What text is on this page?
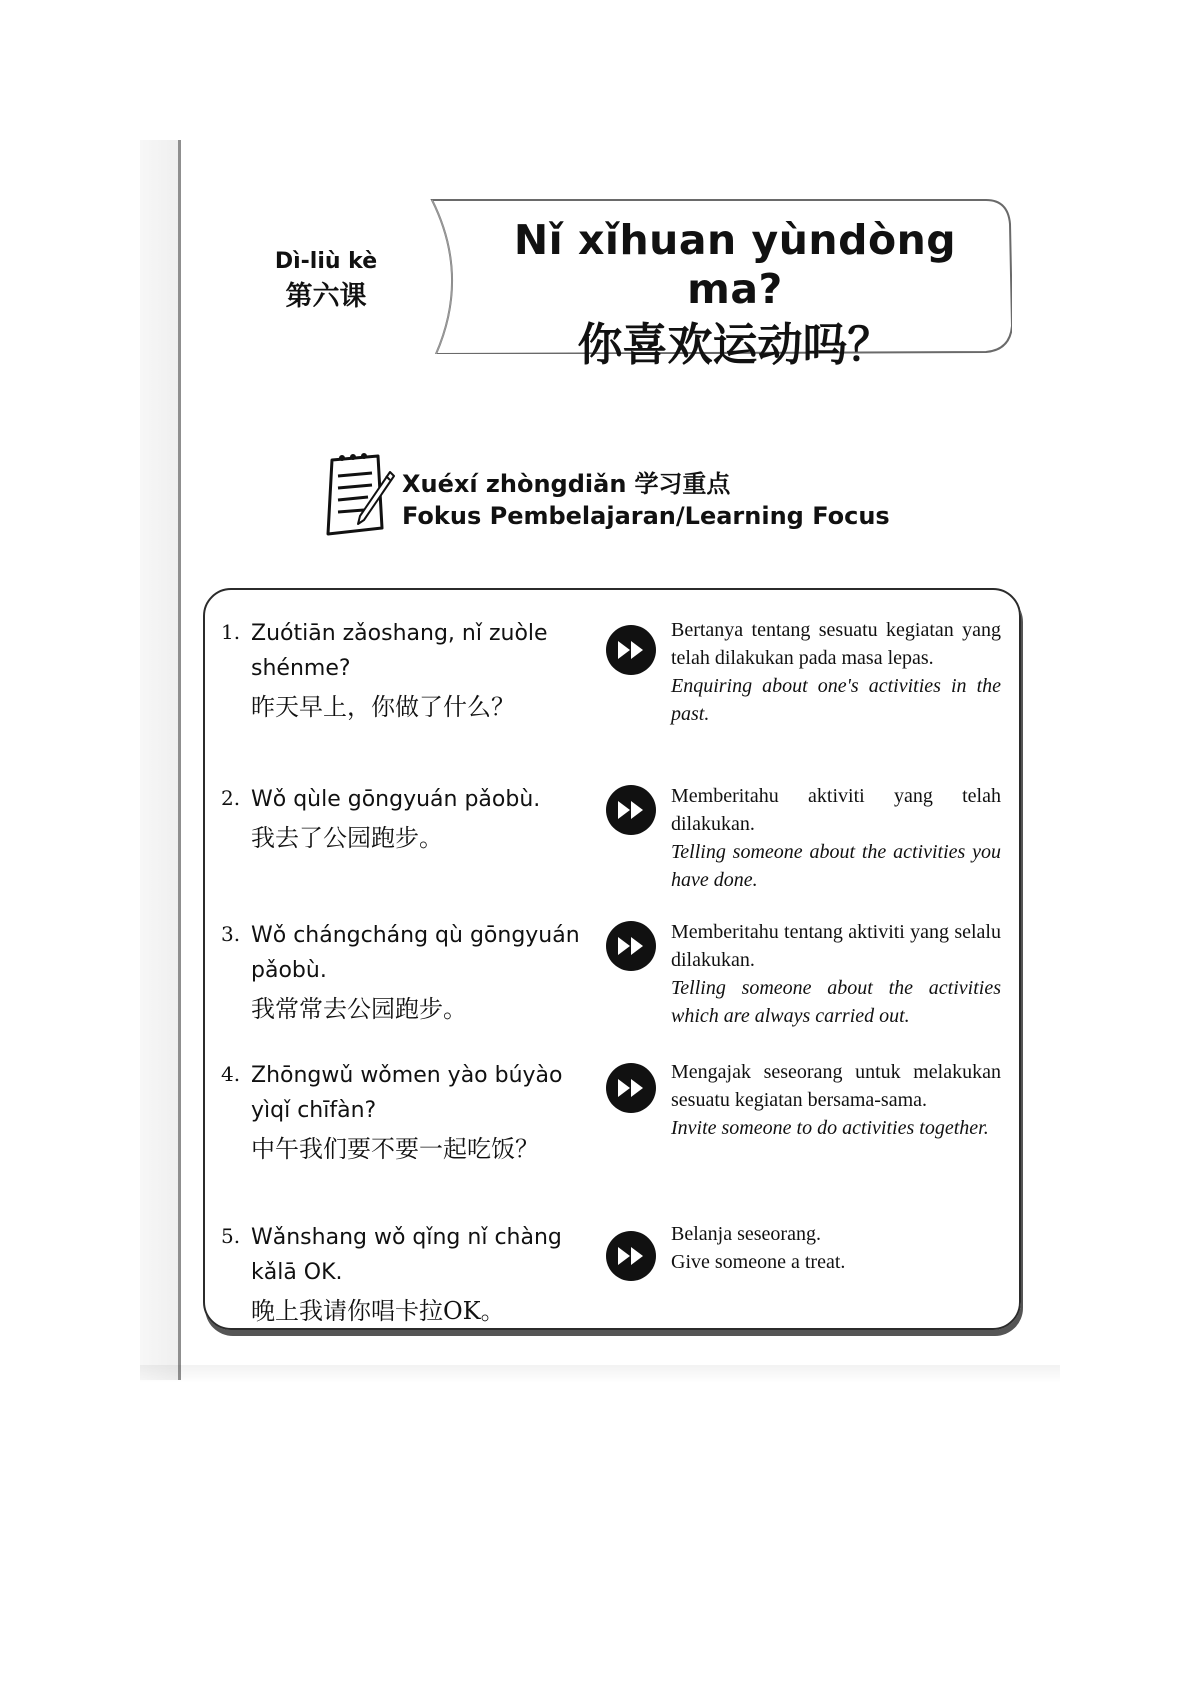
Dì-liù kè
第六课
Nǐ xǐhuan yùndòng ma?
你喜欢运动吗？
Xuéxí zhòngdiǎn 学习重点
Fokus Pembelajaran/Learning Focus
1. Zuótiān zǎoshang, nǐ zuòle shénme?
昨天早上，你做了什么？
Bertanya tentang sesuatu kegiatan yang telah dilakukan pada masa lepas.
Enquiring about one's activities in the past.
2. Wǒ qùle gōngyuán pǎobù.
我去了公园跑步。
Memberitahu aktiviti yang telah dilakukan.
Telling someone about the activities you have done.
3. Wǒ chángcháng qù gōngyuán pǎobù.
我常常去公园跑步。
Memberitahu tentang aktiviti yang selalu dilakukan.
Telling someone about the activities which are always carried out.
4. Zhōngwǔ wǒmen yào búyào yìqǐ chīfàn?
中午我们要不要一起吃饭？
Mengajak seseorang untuk melakukan sesuatu kegiatan bersama-sama.
Invite someone to do activities together.
5. Wǎnshang wǒ qǐng nǐ chàng kǎlā OK.
晚上我请你唱卡拉OK。
Belanja seseorang.
Give someone a treat.
